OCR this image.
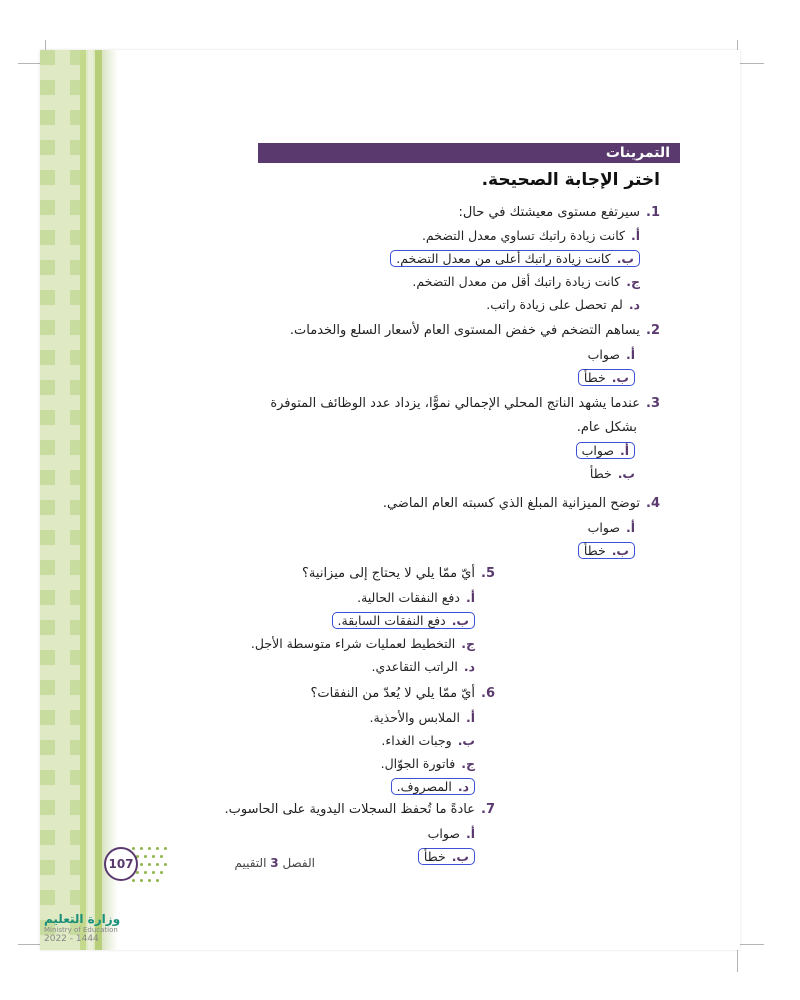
التمرينات
اختر الإجابة الصحيحة.
1.سيرتفع مستوى معيشتك في حال:
أ.كانت زيادة راتبك تساوي معدل التضخم.
ب.كانت زيادة راتبك أعلى من معدل التضخم.
ج.كانت زيادة راتبك أقل من معدل التضخم.
د.لم تحصل على زيادة راتب.
2.يساهم التضخم في خفض المستوى العام لأسعار السلع والخدمات.
أ.صواب
ب.خطأ
3.عندما يشهد الناتج المحلي الإجمالي نموًّا، يزداد عدد الوظائف المتوفرة
بشكل عام.
أ.صواب
ب.خطأ
4.توضح الميزانية المبلغ الذي كسبته العام الماضي.
أ.صواب
ب.خطأ
5.أيّ ممّا يلي لا يحتاج إلى ميزانية؟
أ.دفع النفقات الحالية.
ب.دفع النفقات السابقة.
ج.التخطيط لعمليات شراء متوسطة الأجل.
د.الراتب التقاعدي.
6.أيّ ممّا يلي لا يُعدّ من النفقات؟
أ.الملابس والأحذية.
ب.وجبات الغداء.
ج.فاتورة الجوّال.
د.المصروف.
7.عادةً ما تُحفظ السجلات اليدوية على الحاسوب.
أ.صواب
ب.خطأ
الفصل 3 التقييم
107
وزارة التعليم
Ministry of Education
2022 - 1444
